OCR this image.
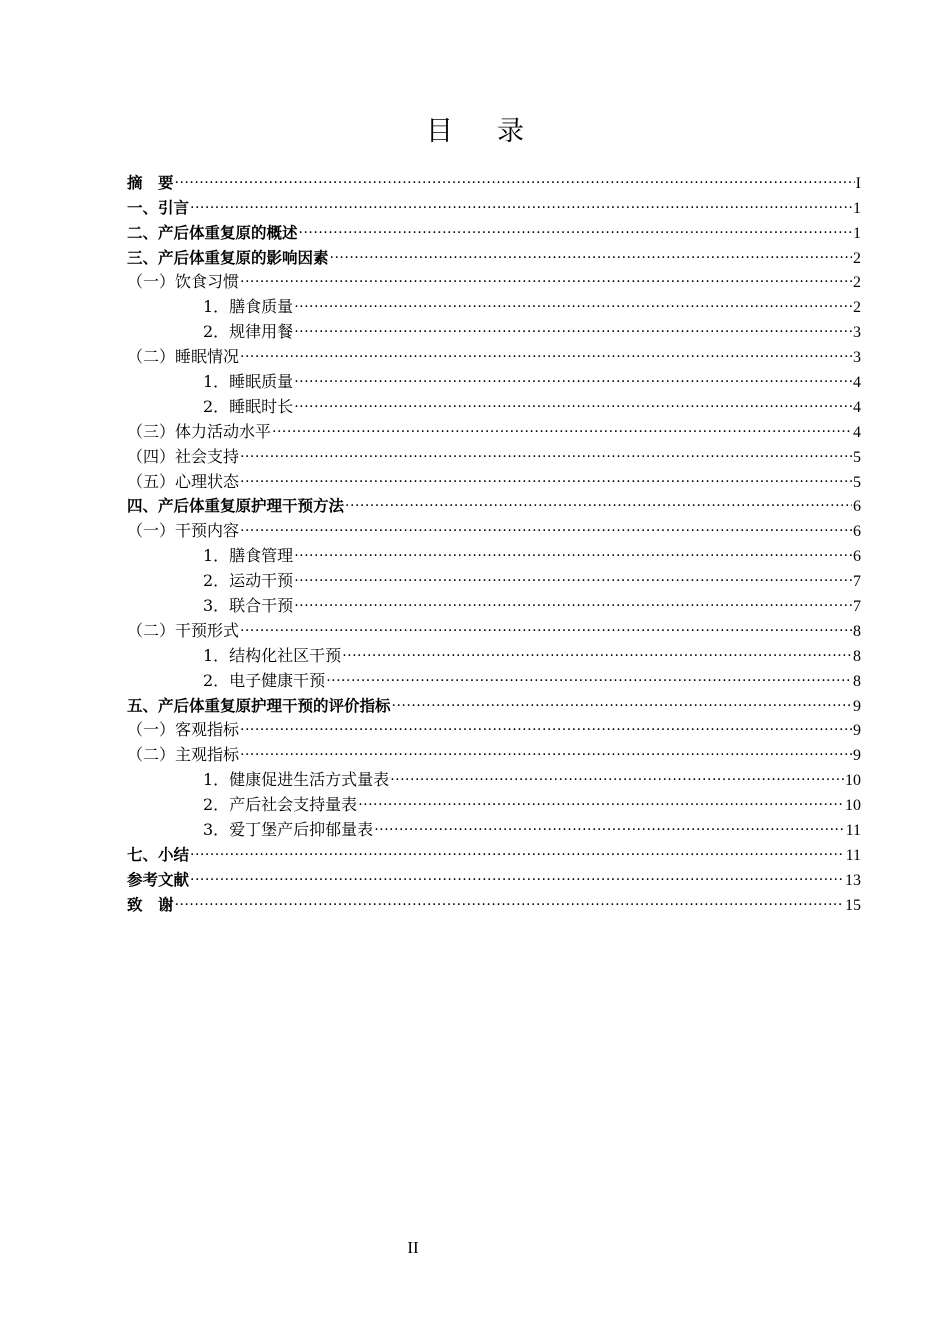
目录
摘　要 .....	I
一、引言 .....	1
二、产后体重复原的概述 .....	1
三、产后体重复原的影响因素 .....	2
（一）饮食习惯 .....	2
1．膳食质量 .....	2
2．规律用餐 .....	3
（二）睡眠情况 .....	3
1．睡眠质量 .....	4
2．睡眠时长 .....	4
（三）体力活动水平 .....	4
（四）社会支持 .....	5
（五）心理状态 .....	5
四、产后体重复原护理干预方法 .....	6
（一）干预内容 .....	6
1．膳食管理 .....	6
2．运动干预 .....	7
3．联合干预 .....	7
（二）干预形式 .....	8
1．结构化社区干预 .....	8
2．电子健康干预 .....	8
五、产后体重复原护理干预的评价指标 .....	9
（一）客观指标 .....	9
（二）主观指标 .....	9
1．健康促进生活方式量表 .....	10
2．产后社会支持量表 .....	10
3．爱丁堡产后抑郁量表 .....	11
七、小结 .....	11
参考文献 .....	13
致　谢 .....	15
II
